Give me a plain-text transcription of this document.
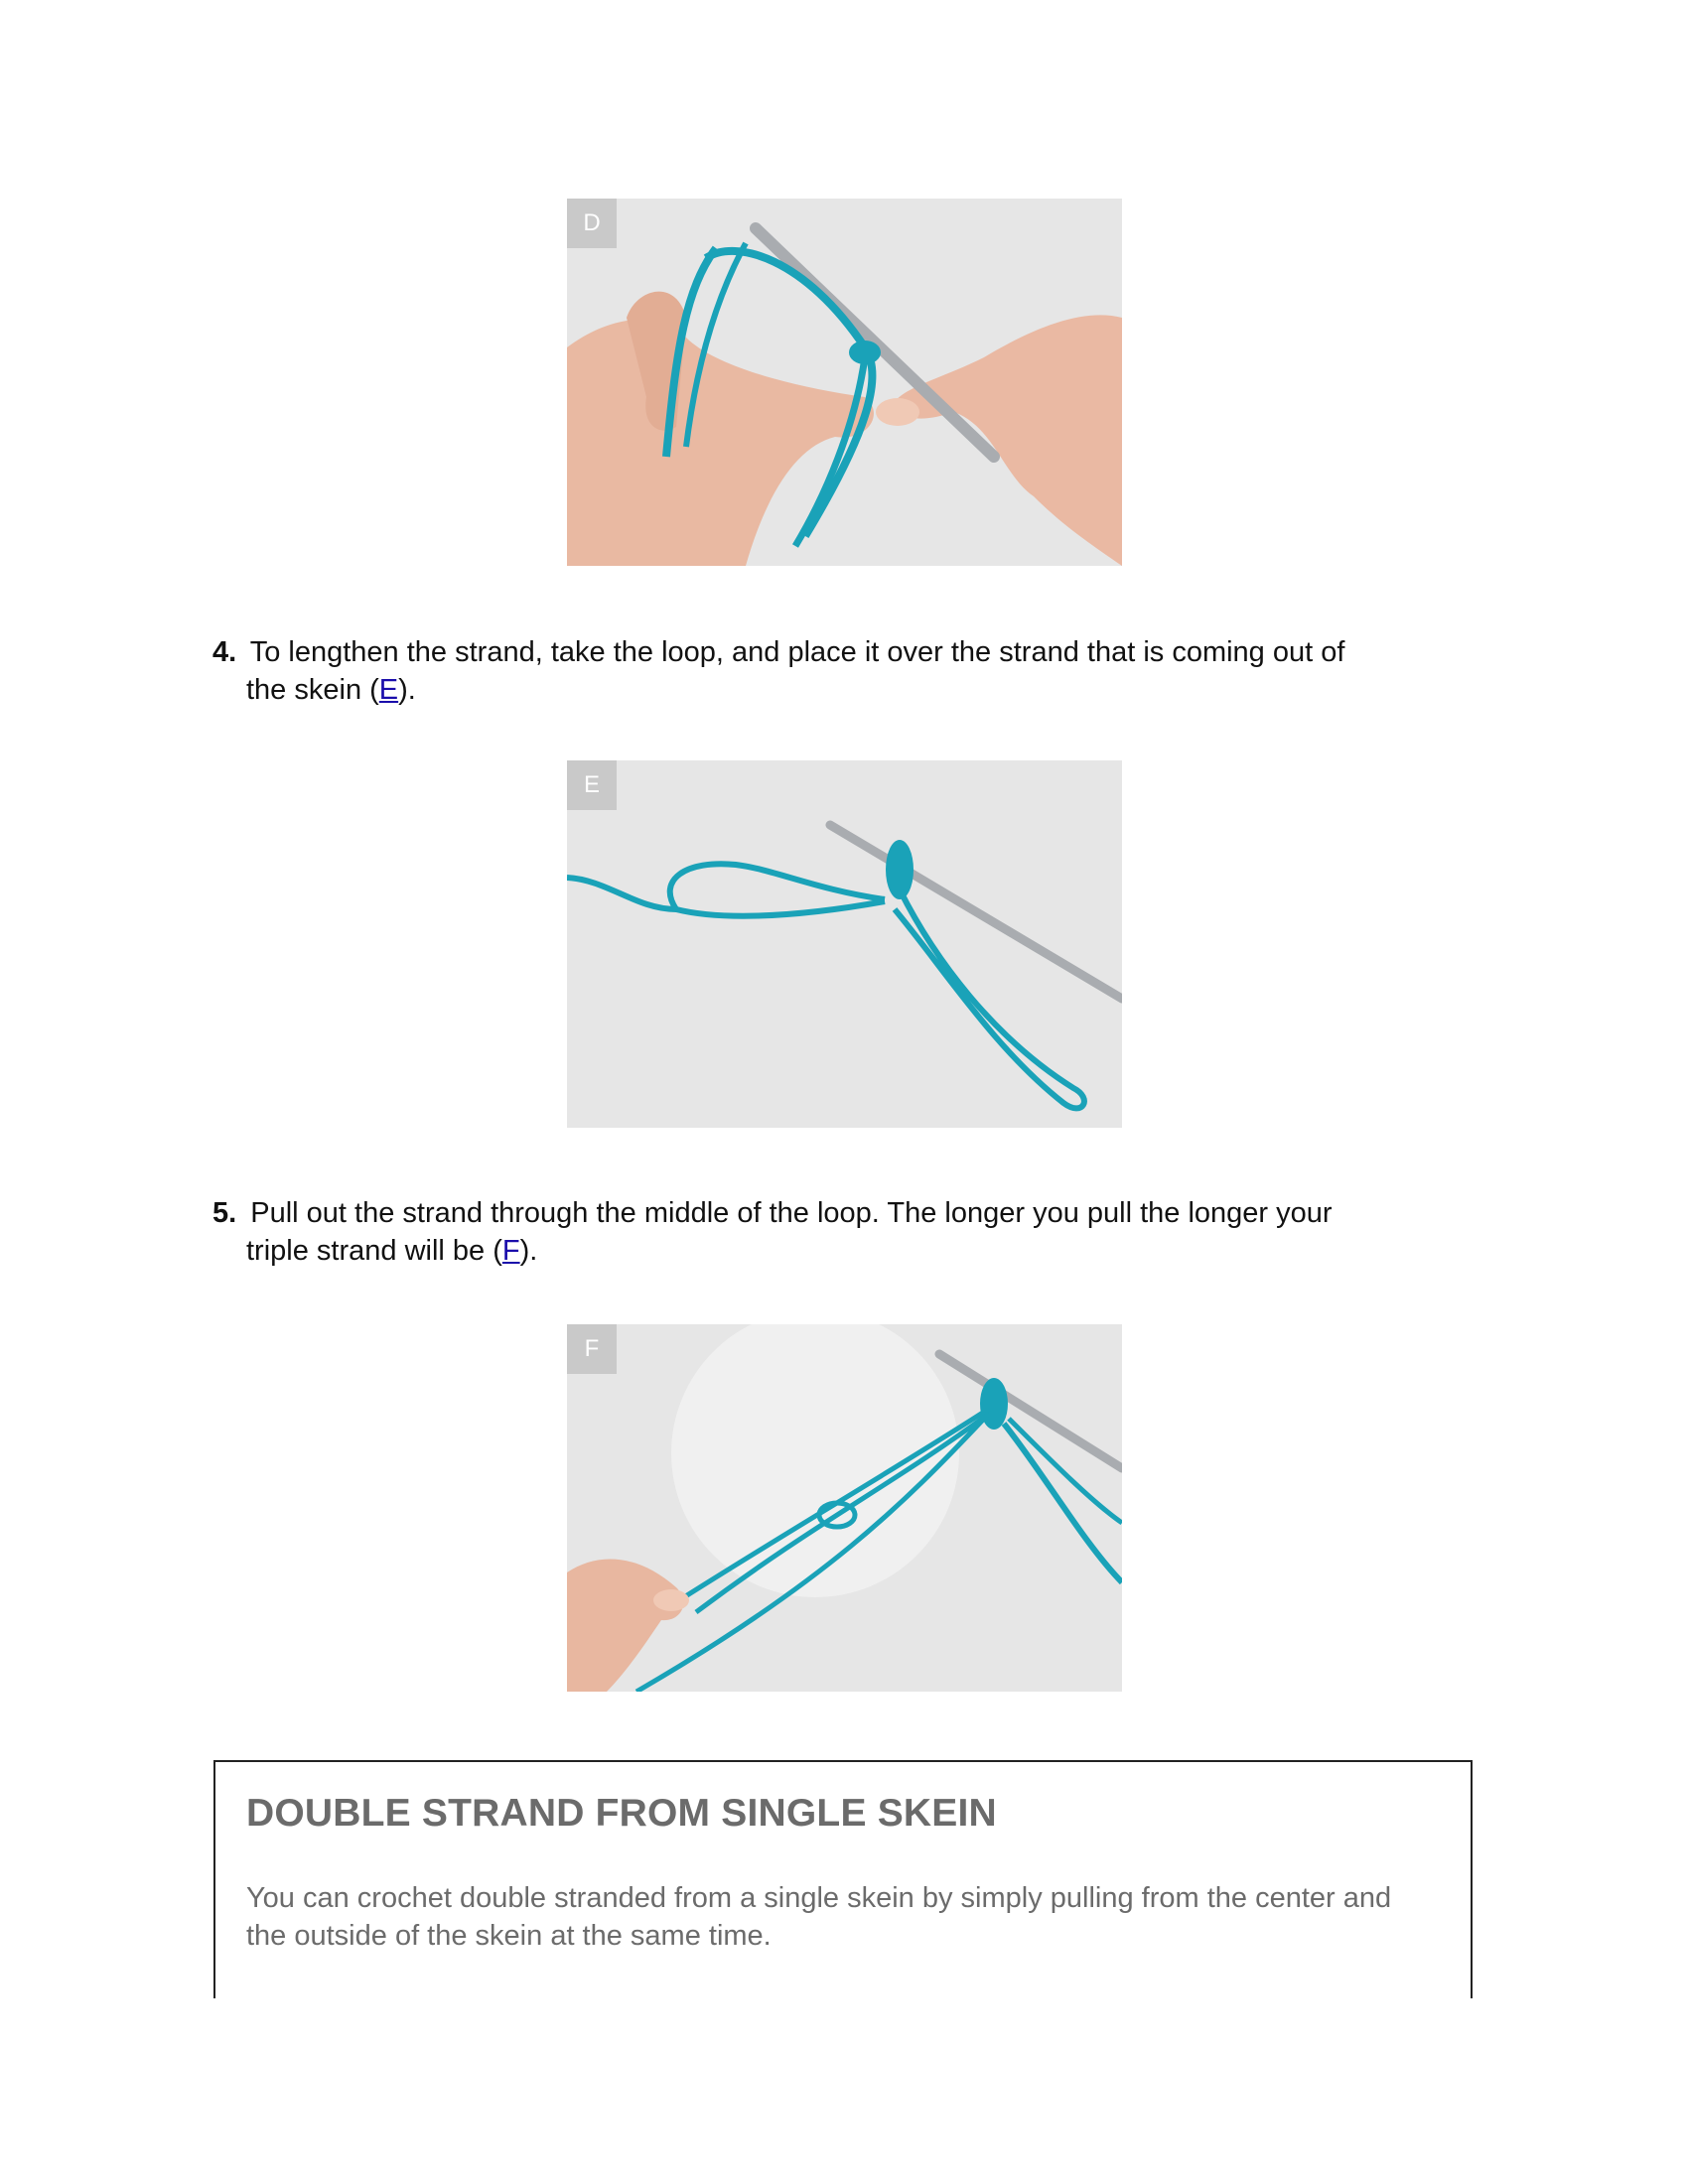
D
4. To lengthen the strand, take the loop, and place it over the strand that is coming out of
the skein (E).
E
5. Pull out the strand through the middle of the loop. The longer you pull the longer your
triple strand will be (F).
F
DOUBLE STRAND FROM SINGLE SKEIN

You can crochet double stranded from a single skein by simply pulling from the center and the outside of the skein at the same time.
